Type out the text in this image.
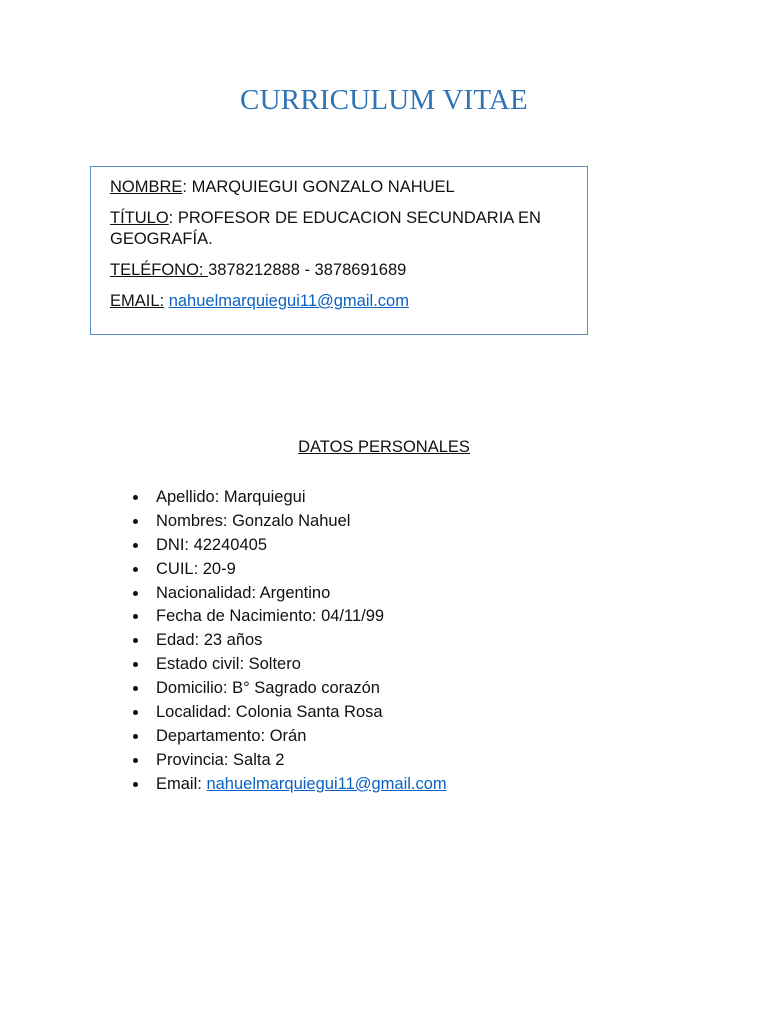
CURRICULUM VITAE
NOMBRE: MARQUIEGUI GONZALO NAHUEL
TÍTULO: PROFESOR DE EDUCACION SECUNDARIA EN
GEOGRAFÍA.
TELÉFONO: 3878212888 - 3878691689
EMAIL: nahuelmarquiegui11@gmail.com
DATOS PERSONALES
Apellido: Marquiegui
Nombres: Gonzalo Nahuel
DNI: 42240405
CUIL: 20-9
Nacionalidad: Argentino
Fecha de Nacimiento: 04/11/99
Edad: 23 años
Estado civil: Soltero
Domicilio: B° Sagrado corazón
Localidad: Colonia Santa Rosa
Departamento: Orán
Provincia: Salta 2
Email: nahuelmarquiegui11@gmail.com
